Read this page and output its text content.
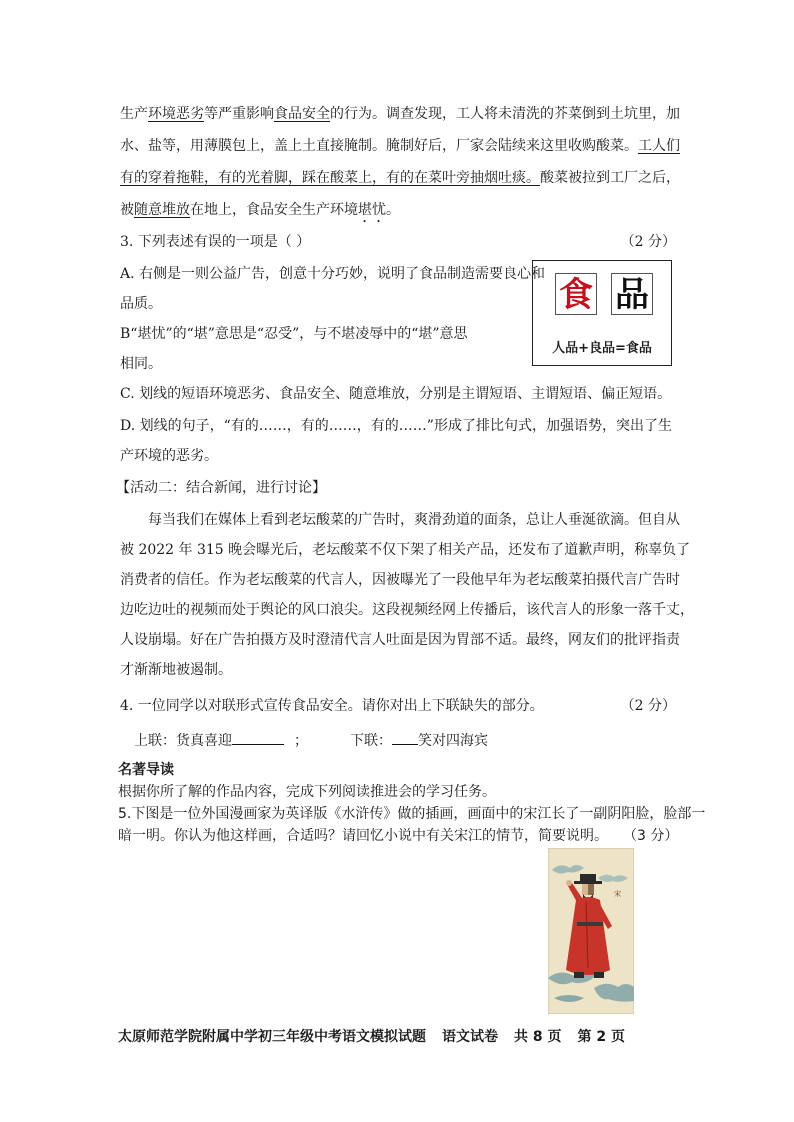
生产环境恶劣等严重影响食品安全的行为。调查发现，工人将未清洗的芥菜倒到土坑里，加
水、盐等，用薄膜包上，盖上土直接腌制。腌制好后，厂家会陆续来这里收购酸菜。工人们
有的穿着拖鞋，有的光着脚，踩在酸菜上，有的在菜叶旁抽烟吐痰。酸菜被拉到工厂之后，
被随意堆放在地上，食品安全生产环境堪忧。
3. 下列表述有误的一项是（ ）	（2 分）
A. 右侧是一则公益广告，创意十分巧妙，说明了食品制造需要良心和
品质。
B“堪忧”的“堪”意思是“忍受”，与不堪凌辱中的“堪”意思
相同。
食 品
人品+良品=食品
C. 划线的短语环境恶劣、食品安全、随意堆放，分别是主谓短语、主谓短语、偏正短语。
D. 划线的句子，“有的……，有的……，有的……”形成了排比句式，加强语势，突出了生
产环境的恶劣。
【活动二：结合新闻，进行讨论】
每当我们在媒体上看到老坛酸菜的广告时，爽滑劲道的面条，总让人垂涎欲滴。但自从
被 2022 年 315 晚会曝光后，老坛酸菜不仅下架了相关产品，还发布了道歉声明，称辜负了
消费者的信任。作为老坛酸菜的代言人，因被曝光了一段他早年为老坛酸菜拍摄代言广告时
边吃边吐的视频而处于舆论的风口浪尖。这段视频经网上传播后，该代言人的形象一落千丈，
人设崩塌。好在广告拍摄方及时澄清代言人吐面是因为胃部不适。最终，网友们的批评指责
才渐渐地被遏制。
4. 一位同学以对联形式宣传食品安全。请你对出上下联缺失的部分。	（2 分）
上联：货真喜迎	；	下联： 笑对四海宾
名著导读
根据你所了解的作品内容，完成下列阅读推进会的学习任务。
5.下图是一位外国漫画家为英译版《水浒传》做的插画，画面中的宋江长了一副阴阳脸，脸部一
暗一明。你认为他这样画，合适吗？请回忆小说中有关宋江的情节，简要说明。 （3 分）
宋
太原师范学院附属中学初三年级中考语文模拟试题 语文试卷 共 8 页 第 2 页
